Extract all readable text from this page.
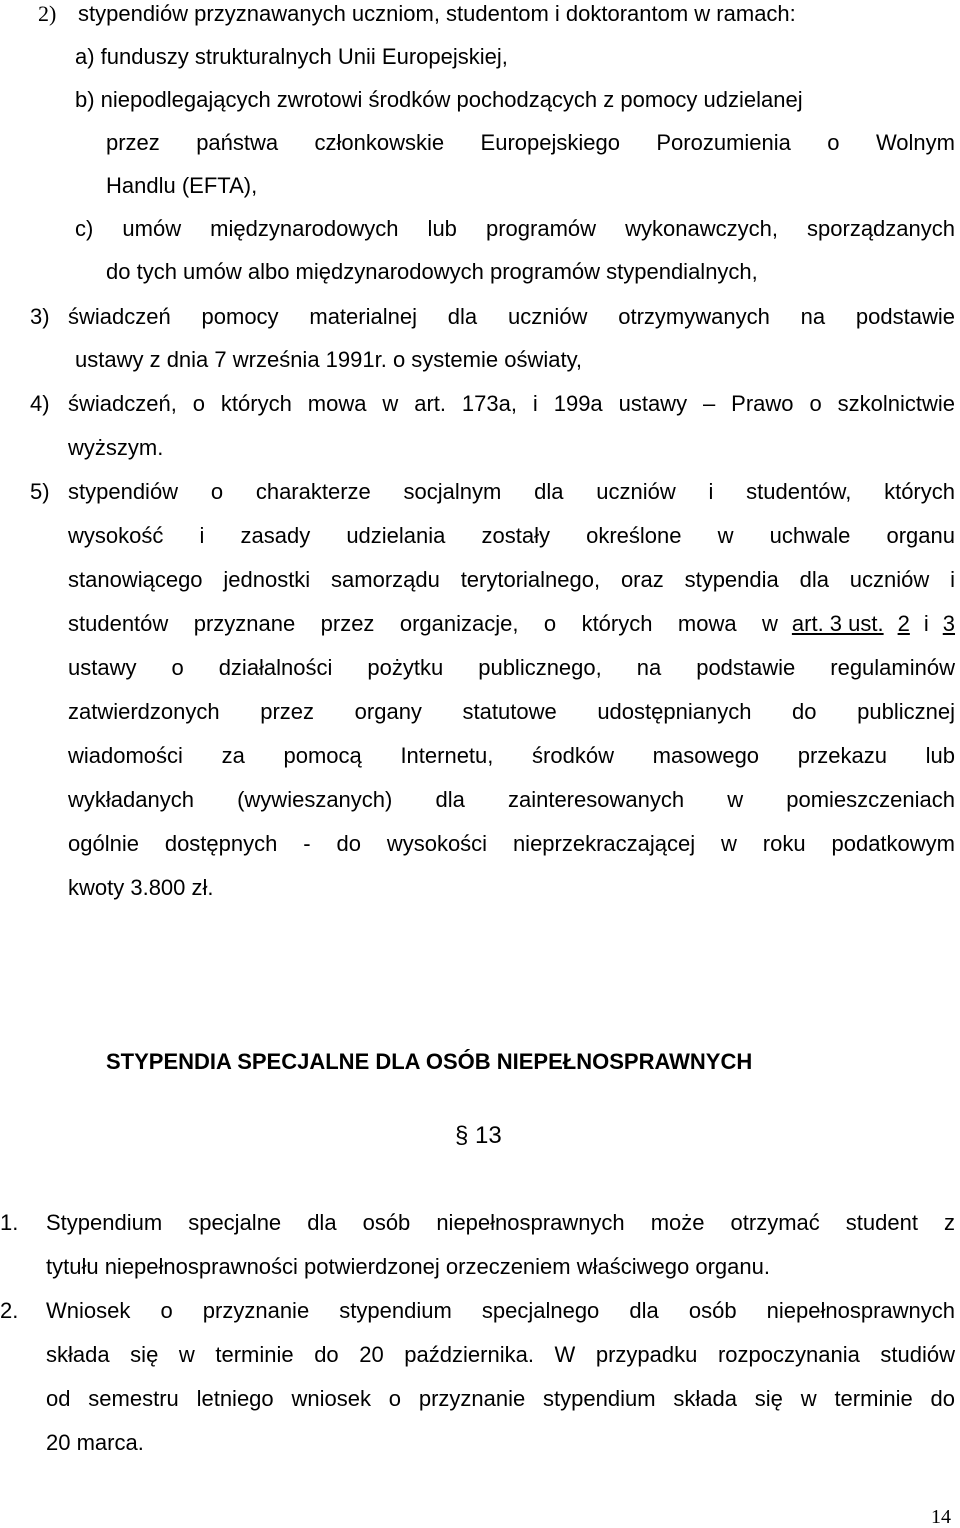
2) stypendiów przyznawanych uczniom, studentom i doktorantom w ramach:
a) funduszy strukturalnych Unii Europejskiej,
b) niepodlegających zwrotowi środków pochodzących z pomocy udzielanej
przez państwa członkowskie Europejskiego Porozumienia o Wolnym
Handlu (EFTA),
c) umów międzynarodowych lub programów wykonawczych, sporządzanych
do tych umów albo międzynarodowych programów stypendialnych,
3) świadczeń pomocy materialnej dla uczniów otrzymywanych na podstawie
ustawy z dnia 7 września 1991r. o systemie oświaty,
4) świadczeń, o których mowa w art. 173a, i 199a ustawy – Prawo o szkolnictwie
wyższym.
5) stypendiów o charakterze socjalnym dla uczniów i studentów, których
wysokość i zasady udzielania zostały określone w uchwale organu
stanowiącego jednostki samorządu terytorialnego, oraz stypendia dla uczniów i
studentów przyznane przez organizacje, o których mowa w art. 3 ust. 2 i 3
ustawy o działalności pożytku publicznego, na podstawie regulaminów
zatwierdzonych przez organy statutowe udostępnianych do publicznej
wiadomości za pomocą Internetu, środków masowego przekazu lub
wykładanych (wywieszanych) dla zainteresowanych w pomieszczeniach
ogólnie dostępnych - do wysokości nieprzekraczającej w roku podatkowym
kwoty 3.800 zł.
STYPENDIA SPECJALNE DLA OSÓB NIEPEŁNOSPRAWNYCH
§ 13
1. Stypendium specjalne dla osób niepełnosprawnych może otrzymać student z
tytułu niepełnosprawności potwierdzonej orzeczeniem właściwego organu.
2. Wniosek o przyznanie stypendium specjalnego dla osób niepełnosprawnych
składa się w terminie do 20 października. W przypadku rozpoczynania studiów
od semestru letniego wniosek o przyznanie stypendium składa się w terminie do
20 marca.
14
